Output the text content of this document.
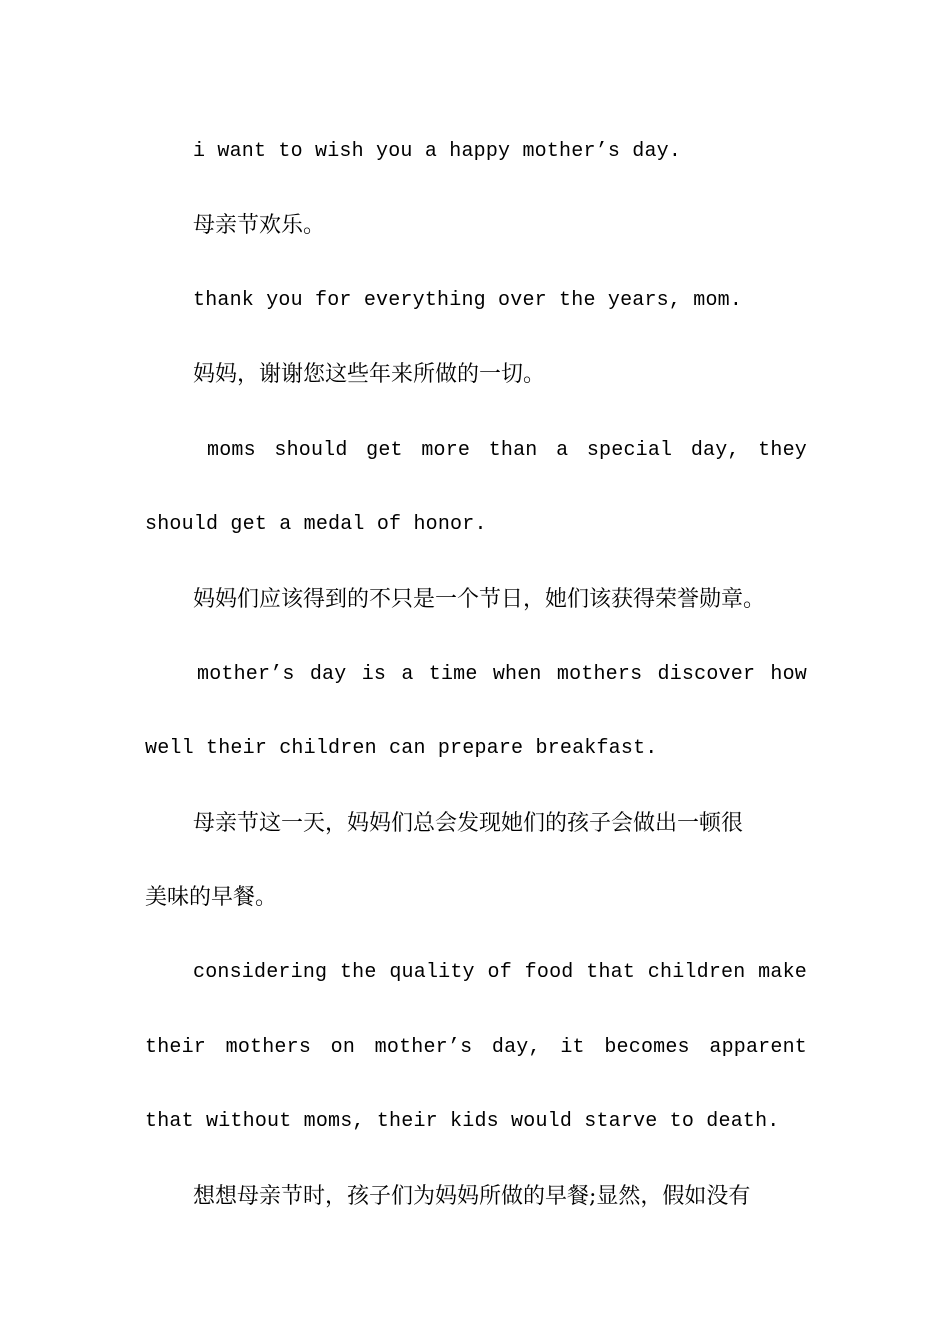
i want to wish you a happy mother’s day.
母亲节欢乐。
thank you for everything over the years, mom.
妈妈，谢谢您这些年来所做的一切。
moms should get more than a special day, they
should get a medal of honor.
妈妈们应该得到的不只是一个节日，她们该获得荣誉勋章。
mother’s day is a time when mothers discover how
well their children can prepare breakfast.
母亲节这一天，妈妈们总会发现她们的孩子会做出一顿很
美味的早餐。
considering the quality of food that children make
their mothers on mother’s day, it becomes apparent
that without moms, their kids would starve to death.
想想母亲节时，孩子们为妈妈所做的早餐;显然，假如没有
